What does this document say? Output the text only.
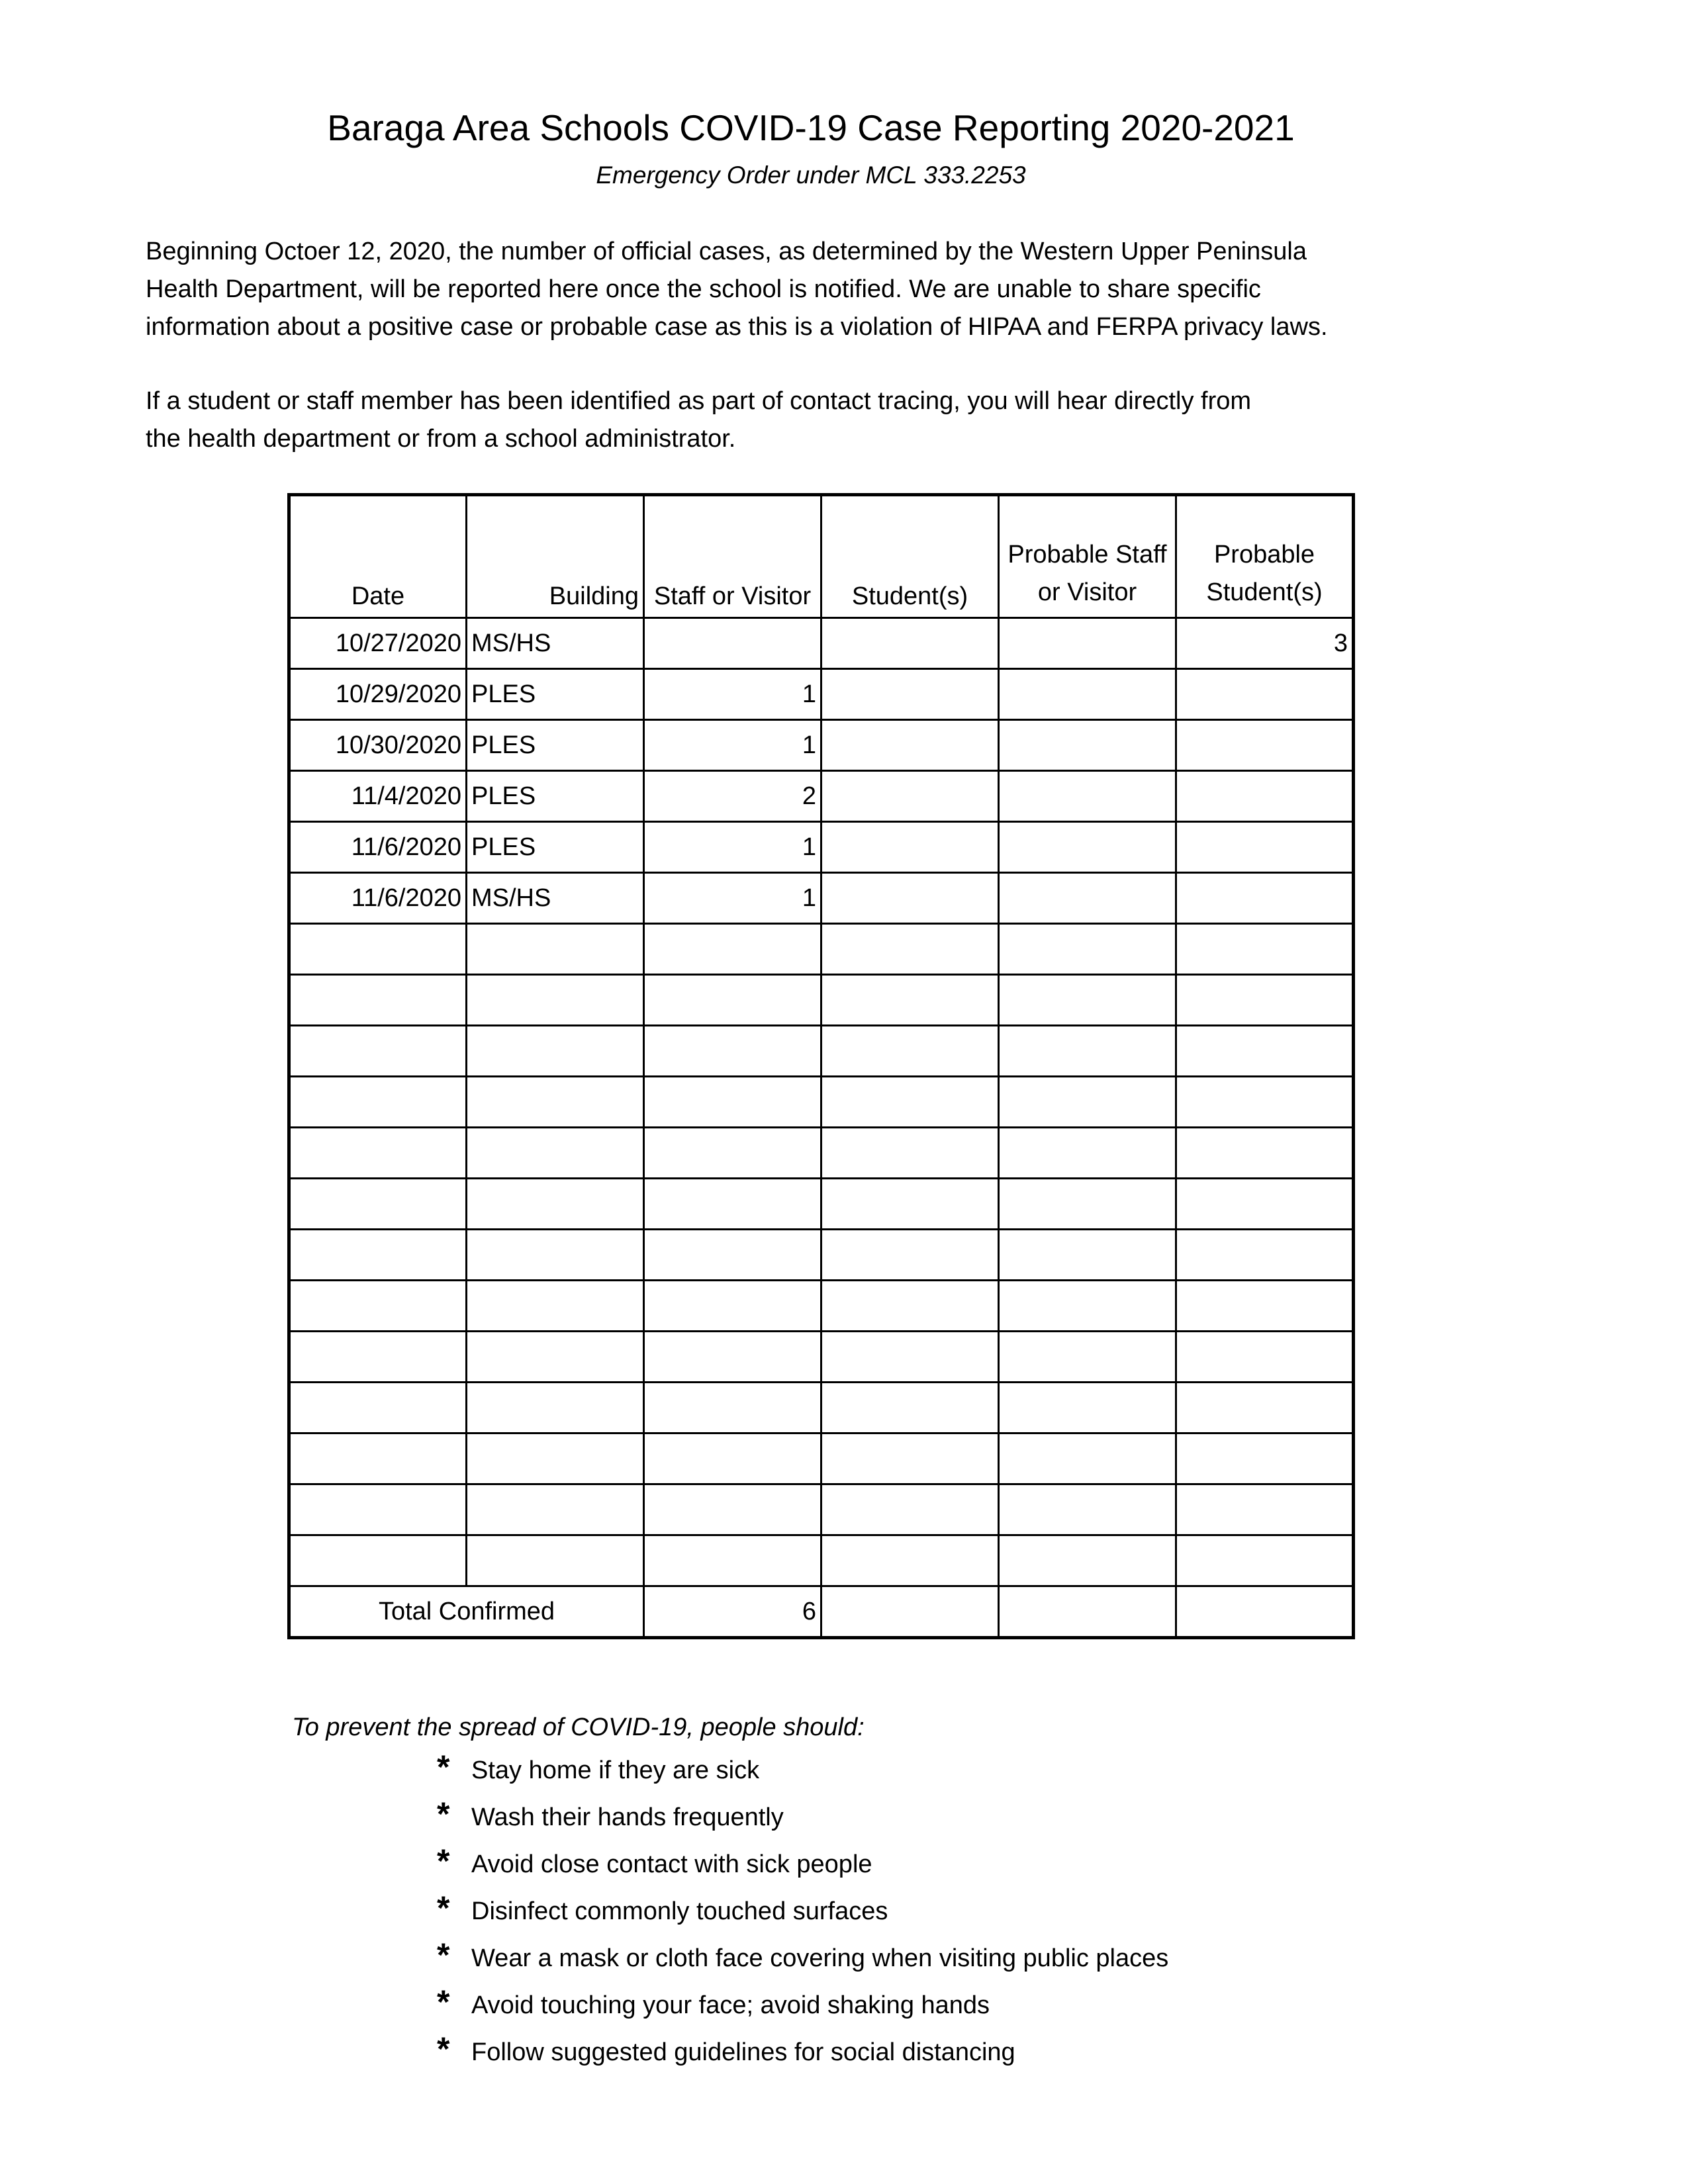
Baraga Area Schools COVID-19 Case Reporting 2020-2021
Emergency Order under MCL 333.2253
Beginning Octoer 12, 2020, the number of official cases, as determined by the Western Upper Peninsula
Health Department, will be reported here once the school is notified. We are unable to share specific
information about a positive case or probable case as this is a violation of HIPAA and FERPA privacy laws.
If a student or staff member has been identified as part of contact tracing, you will hear directly from
the health department or from a school administrator.
Date	Building	Staff or Visitor	Student(s)	Probable Staff or Visitor	Probable Student(s)
10/27/2020	MS/HS				3
10/29/2020	PLES	1			
10/30/2020	PLES	1			
11/4/2020	PLES	2			
11/6/2020	PLES	1			
11/6/2020	MS/HS	1			

Total Confirmed		6			
To prevent the spread of COVID-19, people should:
* Stay home if they are sick
* Wash their hands frequently
* Avoid close contact with sick people
* Disinfect commonly touched surfaces
* Wear a mask or cloth face covering when visiting public places
* Avoid touching your face; avoid shaking hands
* Follow suggested guidelines for social distancing
